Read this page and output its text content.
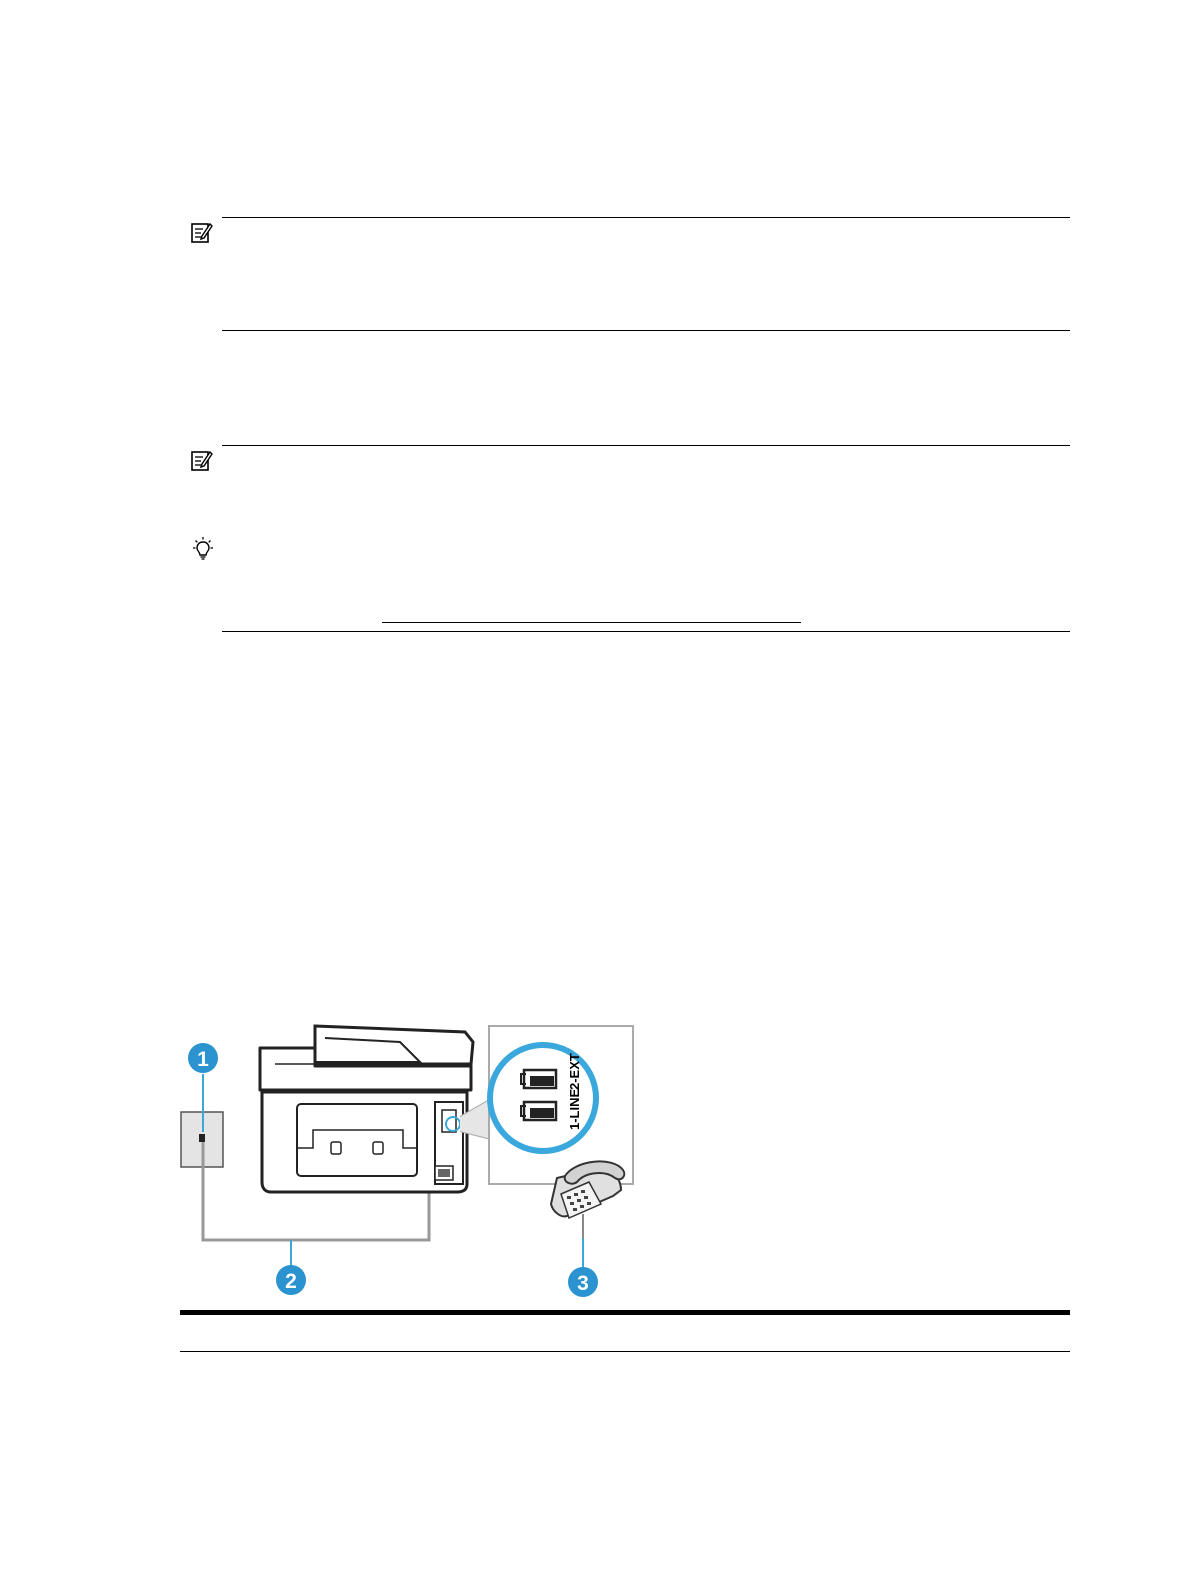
2-EXT
1-LINE
1
2	3
